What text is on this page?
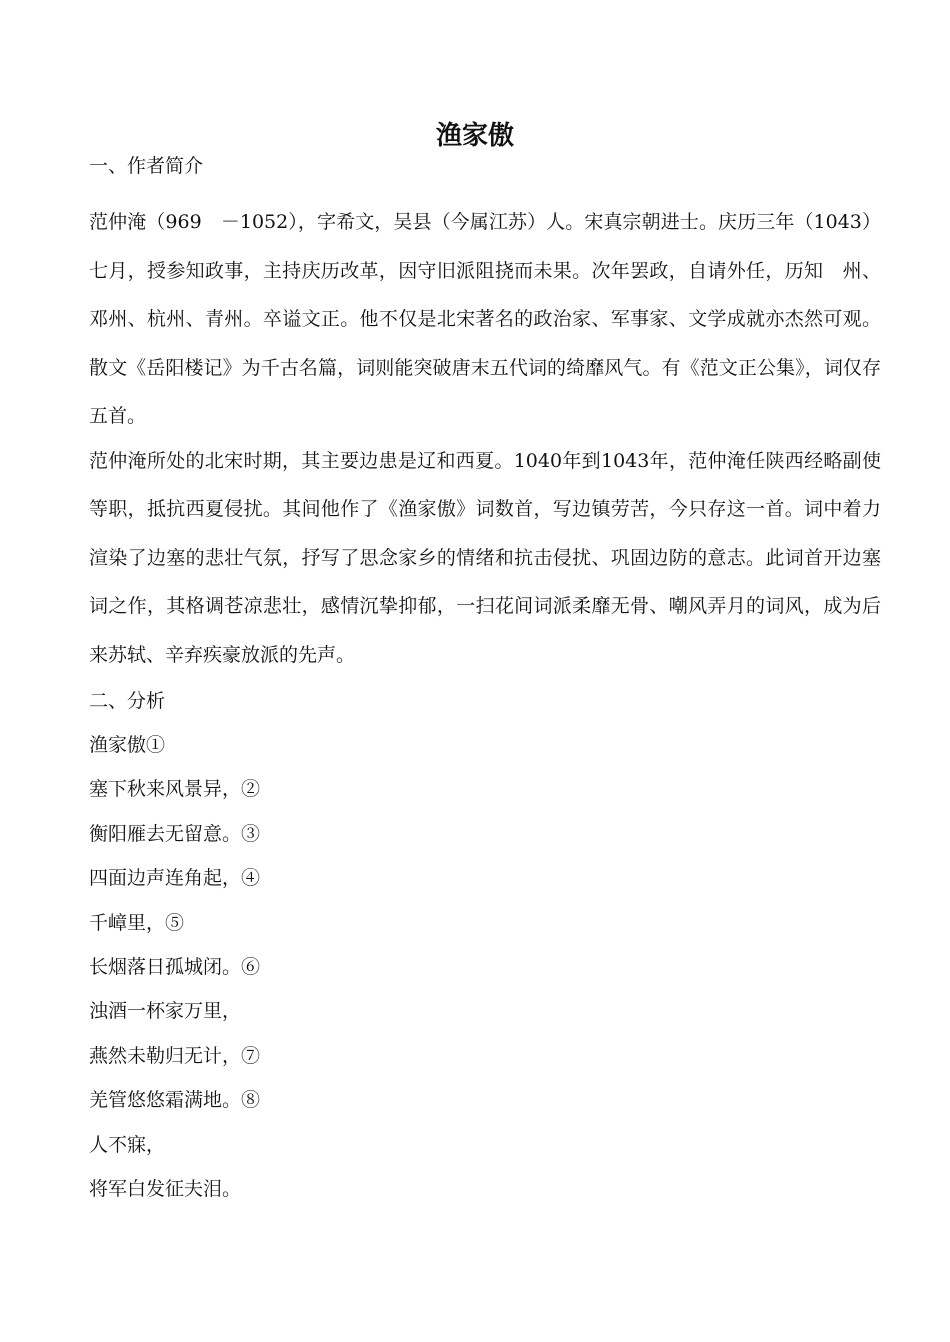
渔家傲

一、作者简介

范仲淹（969　－1052），字希文，吴县（今属江苏）人。宋真宗朝进士。庆历三年（1043）七月，授参知政事，主持庆历改革，因守旧派阻挠而未果。次年罢政，自请外任，历知　州、邓州、杭州、青州。卒谥文正。他不仅是北宋著名的政治家、军事家、文学成就亦杰然可观。散文《岳阳楼记》为千古名篇，词则能突破唐末五代词的绮靡风气。有《范文正公集》，词仅存五首。

范仲淹所处的北宋时期，其主要边患是辽和西夏。1040年到1043年，范仲淹任陕西经略副使等职，抵抗西夏侵扰。其间他作了《渔家傲》词数首，写边镇劳苦，今只存这一首。词中着力渲染了边塞的悲壮气氛，抒写了思念家乡的情绪和抗击侵扰、巩固边防的意志。此词首开边塞词之作，其格调苍凉悲壮，感情沉挚抑郁，一扫花间词派柔靡无骨、嘲风弄月的词风，成为后来苏轼、辛弃疾豪放派的先声。

二、分析

渔家傲①

塞下秋来风景异，②

衡阳雁去无留意。③

四面边声连角起，④

千嶂里，⑤

长烟落日孤城闭。⑥

浊酒一杯家万里，

燕然未勒归无计，⑦

羌管悠悠霜满地。⑧

人不寐，

将军白发征夫泪。
